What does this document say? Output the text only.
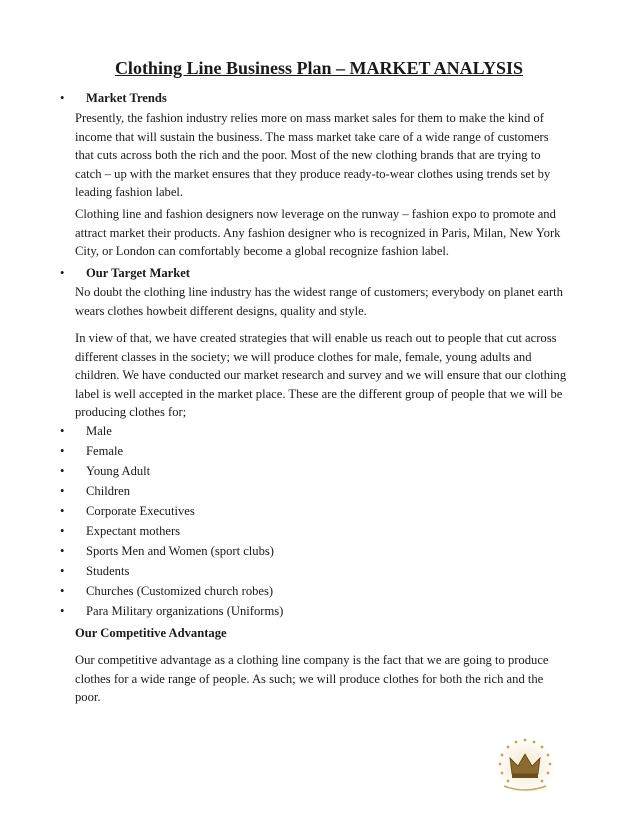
Clothing Line Business Plan – MARKET ANALYSIS
• Market Trends
Presently, the fashion industry relies more on mass market sales for them to make the kind of income that will sustain the business. The mass market take care of a wide range of customers that cuts across both the rich and the poor. Most of the new clothing brands that are trying to catch – up with the market ensures that they produce ready-to-wear clothes using trends set by leading fashion label.
Clothing line and fashion designers now leverage on the runway – fashion expo to promote and attract market their products. Any fashion designer who is recognized in Paris, Milan, New York City, or London can comfortably become a global recognize fashion label.
• Our Target Market
No doubt the clothing line industry has the widest range of customers; everybody on planet earth wears clothes howbeit different designs, quality and style.
In view of that, we have created strategies that will enable us reach out to people that cut across different classes in the society; we will produce clothes for male, female, young adults and children. We have conducted our market research and survey and we will ensure that our clothing label is well accepted in the market place. These are the different group of people that we will be producing clothes for;
• Male
• Female
• Young Adult
• Children
• Corporate Executives
• Expectant mothers
• Sports Men and Women (sport clubs)
• Students
• Churches (Customized church robes)
• Para Military organizations (Uniforms)
Our Competitive Advantage
Our competitive advantage as a clothing line company is the fact that we are going to produce clothes for a wide range of people. As such; we will produce clothes for both the rich and the poor.
